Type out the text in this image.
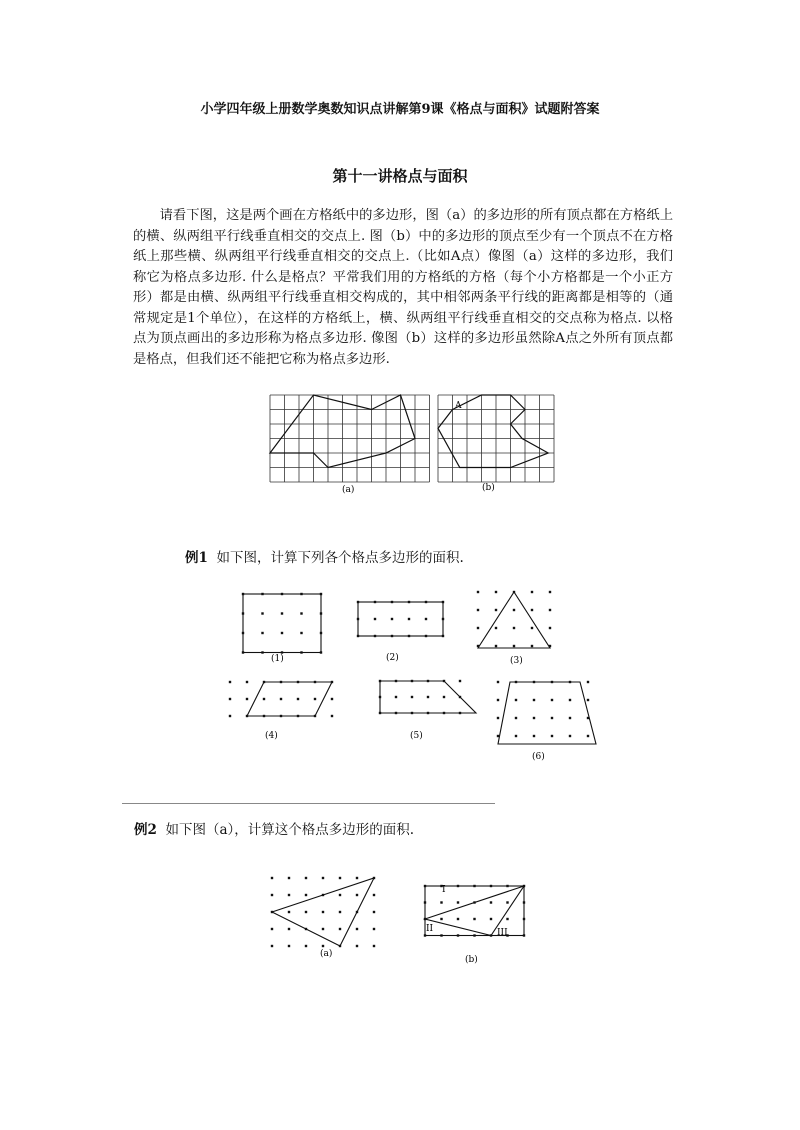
小学四年级上册数学奥数知识点讲解第9课《格点与面积》试题附答案
第十一讲格点与面积

请看下图，这是两个画在方格纸中的多边形，图（a）的多边形的所有顶点都在方格纸上的横、纵两组平行线垂直相交的交点上. 图（b）中的多边形的顶点至少有一个顶点不在方格纸上那些横、纵两组平行线垂直相交的交点上.（比如A点）像图（a）这样的多边形，我们称它为格点多边形. 什么是格点？平常我们用的方格纸的方格（每个小方格都是一个小正方形）都是由横、纵两组平行线垂直相交构成的，其中相邻两条平行线的距离都是相等的（通常规定是1个单位），在这样的方格纸上，横、纵两组平行线垂直相交的交点称为格点. 以格点为顶点画出的多边形称为格点多边形. 像图（b）这样的多边形虽然除A点之外所有顶点都是格点，但我们还不能把它称为格点多边形.

A
(a)	(b)
例1 如下图，计算下列各个格点多边形的面积.
(1)	(2)	(3)
(4)	(5)
(6)
例2 如下图（a），计算这个格点多边形的面积.
I
II	III
(a)
(b)
